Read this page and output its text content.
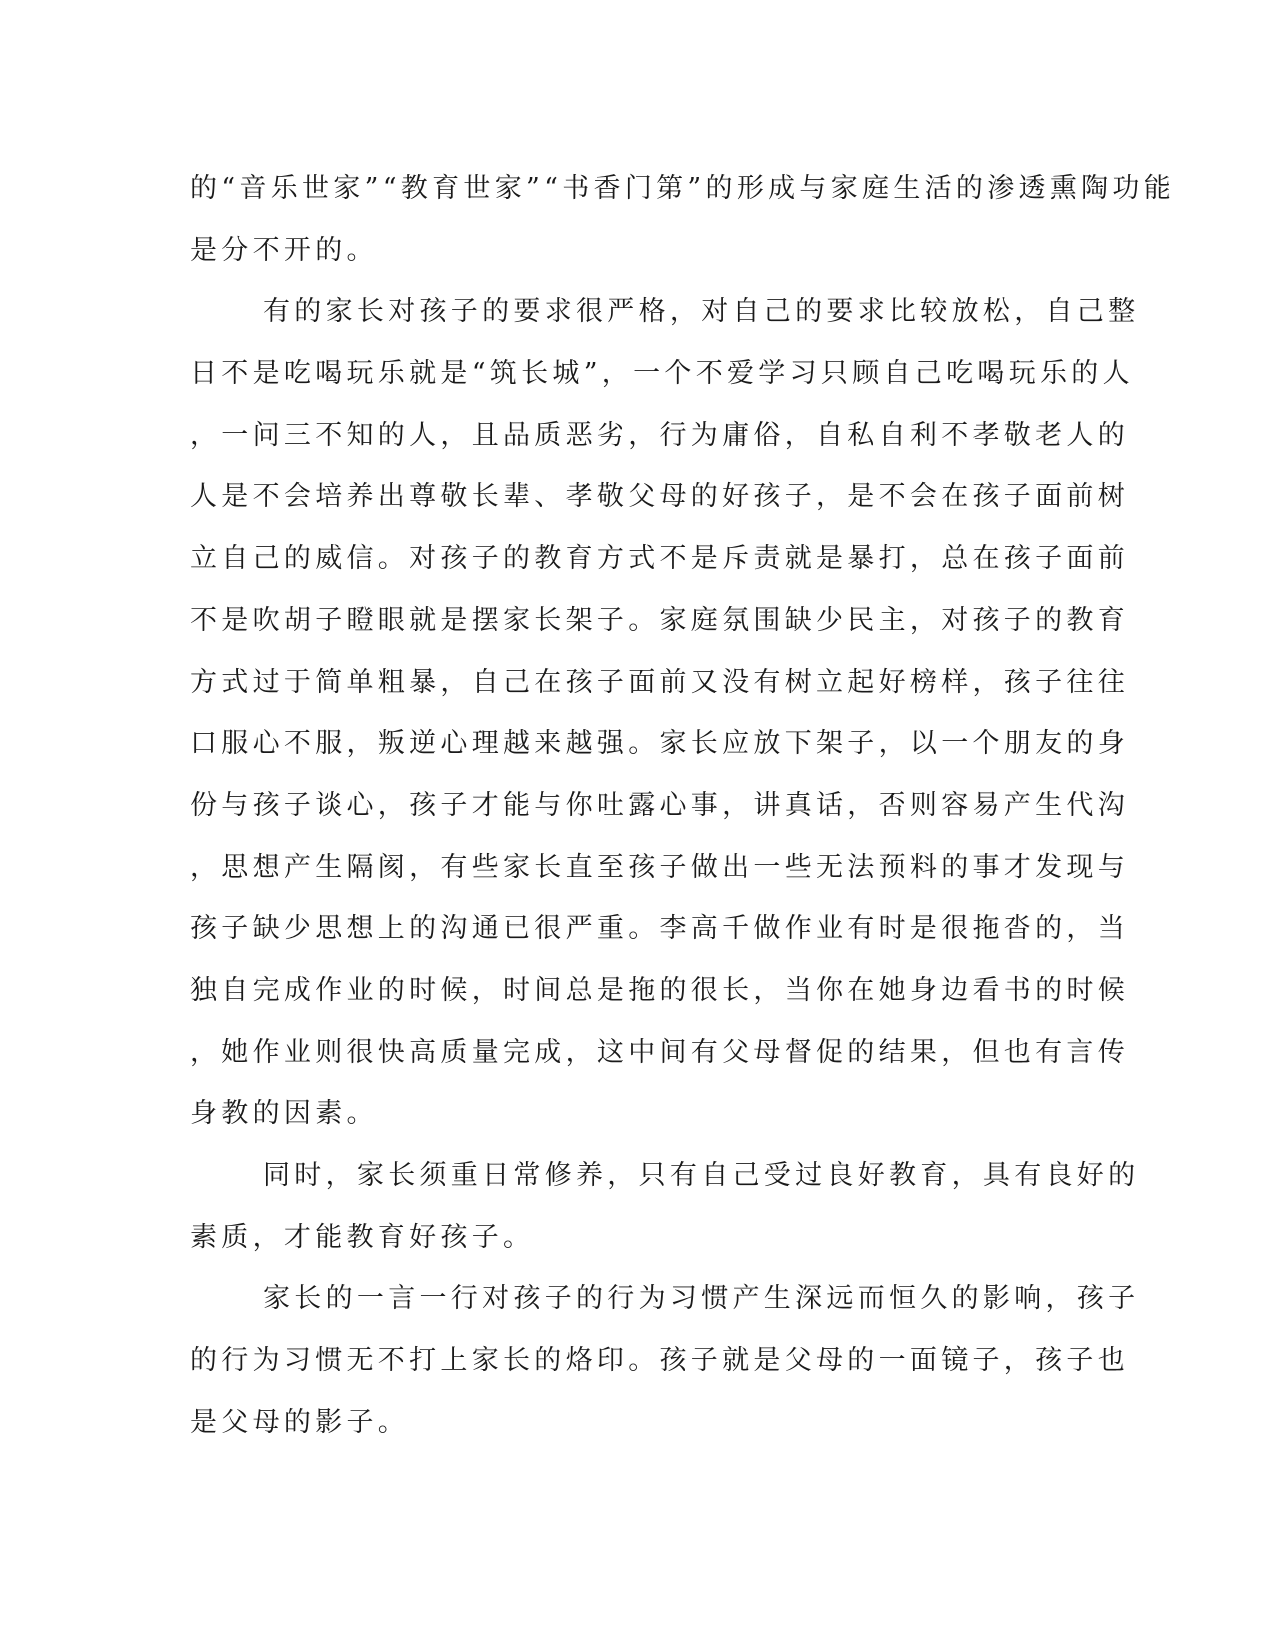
的“音乐世家”“教育世家”“书香门第”的形成与家庭生活的渗透熏陶功能
是分不开的。
有的家长对孩子的要求很严格，对自己的要求比较放松，自己整
日不是吃喝玩乐就是“筑长城”，一个不爱学习只顾自己吃喝玩乐的人
，一问三不知的人，且品质恶劣，行为庸俗，自私自利不孝敬老人的
人是不会培养出尊敬长辈、孝敬父母的好孩子，是不会在孩子面前树
立自己的威信。对孩子的教育方式不是斥责就是暴打，总在孩子面前
不是吹胡子瞪眼就是摆家长架子。家庭氛围缺少民主，对孩子的教育
方式过于简单粗暴，自己在孩子面前又没有树立起好榜样，孩子往往
口服心不服，叛逆心理越来越强。家长应放下架子，以一个朋友的身
份与孩子谈心，孩子才能与你吐露心事，讲真话，否则容易产生代沟
，思想产生隔阂，有些家长直至孩子做出一些无法预料的事才发现与
孩子缺少思想上的沟通已很严重。李高千做作业有时是很拖沓的，当
独自完成作业的时候，时间总是拖的很长，当你在她身边看书的时候
，她作业则很快高质量完成，这中间有父母督促的结果，但也有言传
身教的因素。
同时，家长须重日常修养，只有自己受过良好教育，具有良好的
素质，才能教育好孩子。
家长的一言一行对孩子的行为习惯产生深远而恒久的影响，孩子
的行为习惯无不打上家长的烙印。孩子就是父母的一面镜子，孩子也
是父母的影子。
